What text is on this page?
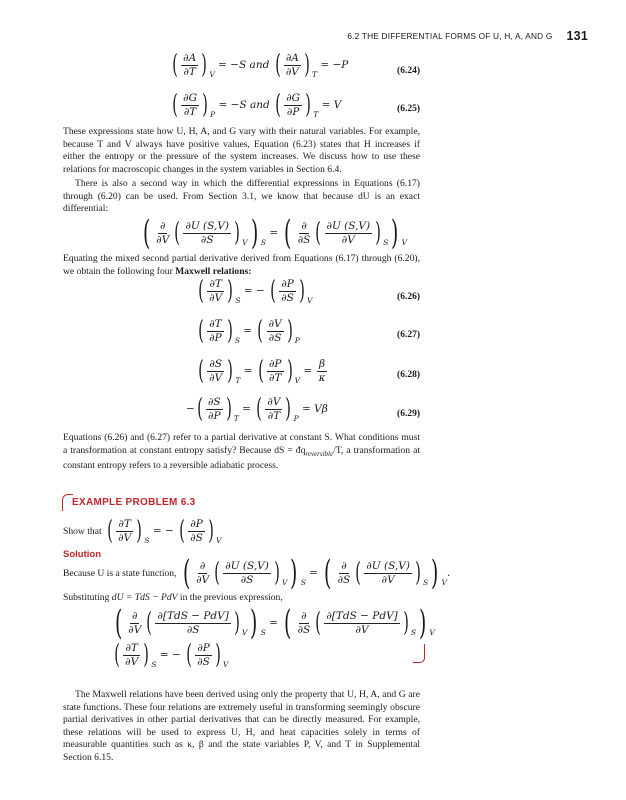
6.2 THE DIFFERENTIAL FORMS OF U, H, A, AND G 131
( $\frac{\partial A}{\partial T}$ ) $_V$ = −S and ( $\frac{\partial A}{\partial V}$ ) $_T$ = −P	(6.24)
( $\frac{\partial G}{\partial T}$ ) $_P$ = −S and ( $\frac{\partial G}{\partial P}$ ) $_T$ = V	(6.25)
These expressions state how U, H, A, and G vary with their natural variables. For example, because T and V always have positive values, Equation (6.23) states that H increases if either the entropy or the pressure of the system increases. We discuss how to use these relations for macroscopic changes in the system variables in Section 6.4.
There is also a second way in which the differential expressions in Equations (6.17) through (6.20) can be used. From Section 3.1, we know that because dU is an exact differential:
( $\frac{\partial}{\partial V}$ ( $\frac{\partial U (S,V)}{\partial S}$ ) $_V$) $_S$ = ( $\frac{\partial}{\partial S}$ ( $\frac{\partial U (S,V)}{\partial V}$ ) $_S$) $_V$
Equating the mixed second partial derivative derived from Equations (6.17) through (6.20), we obtain the following four Maxwell relations:
( $\frac{\partial T}{\partial V}$ ) $_S$ = − ( $\frac{\partial P}{\partial S}$ ) $_V$	(6.26)
( $\frac{\partial T}{\partial P}$ ) $_S$ = ( $\frac{\partial V}{\partial S}$ ) $_P$
(6.27)
( $\frac{\partial S}{\partial V}$ ) $_T$ = ( $\frac{\partial P}{\partial T}$ ) $_V = \frac{\beta}{\kappa}$	(6.28)
−( $\frac{\partial S}{\partial P}$ ) $_T$ = ( $\frac{\partial V}{\partial T}$ ) $_P$ = Vβ	(6.29)
Equations (6.26) and (6.27) refer to a partial derivative at constant S. What conditions must a transformation at constant entropy satisfy? Because dS = $đq_{reversible}/T$, a transformation at constant entropy refers to a reversible adiabatic process.
EXAMPLE PROBLEM 6.3
Show that ( $\frac{\partial T}{\partial V}$ ) $_S$ = − ( $\frac{\partial P}{\partial S}$ ) $_V$
Solution
Because U is a state function, ( $\frac{\partial}{\partial V}$ ( $\frac{\partial U (S,V)}{\partial S}$ ) $_V$) $_S$ = ( $\frac{\partial}{\partial S}$ ( $\frac{\partial U (S,V)}{\partial V}$ ) $_S$) $_V$.
Substituting dU = TdS − PdV in the previous expression,
( $\frac{\partial}{\partial V}$ ( $\frac{\text{∂[TdS − PdV]}}{\partial S}$ ) $_V$) $_S$ = ( $\frac{\partial}{\partial S}$ ( $\frac{\text{∂[TdS − PdV]}}{\partial V}$ ) $_S$) $_V$
( $\frac{\partial T}{\partial V}$ ) $_S$ = − ( $\frac{\partial P}{\partial S}$ ) $_V$
The Maxwell relations have been derived using only the property that U, H, A, and G are state functions. These four relations are extremely useful in transforming seemingly obscure partial derivatives in other partial derivatives that can be directly measured. For example, these relations will be used to express U, H, and heat capacities solely in terms of measurable quantities such as κ, β and the state variables P, V, and T in Supplemental Section 6.15.
